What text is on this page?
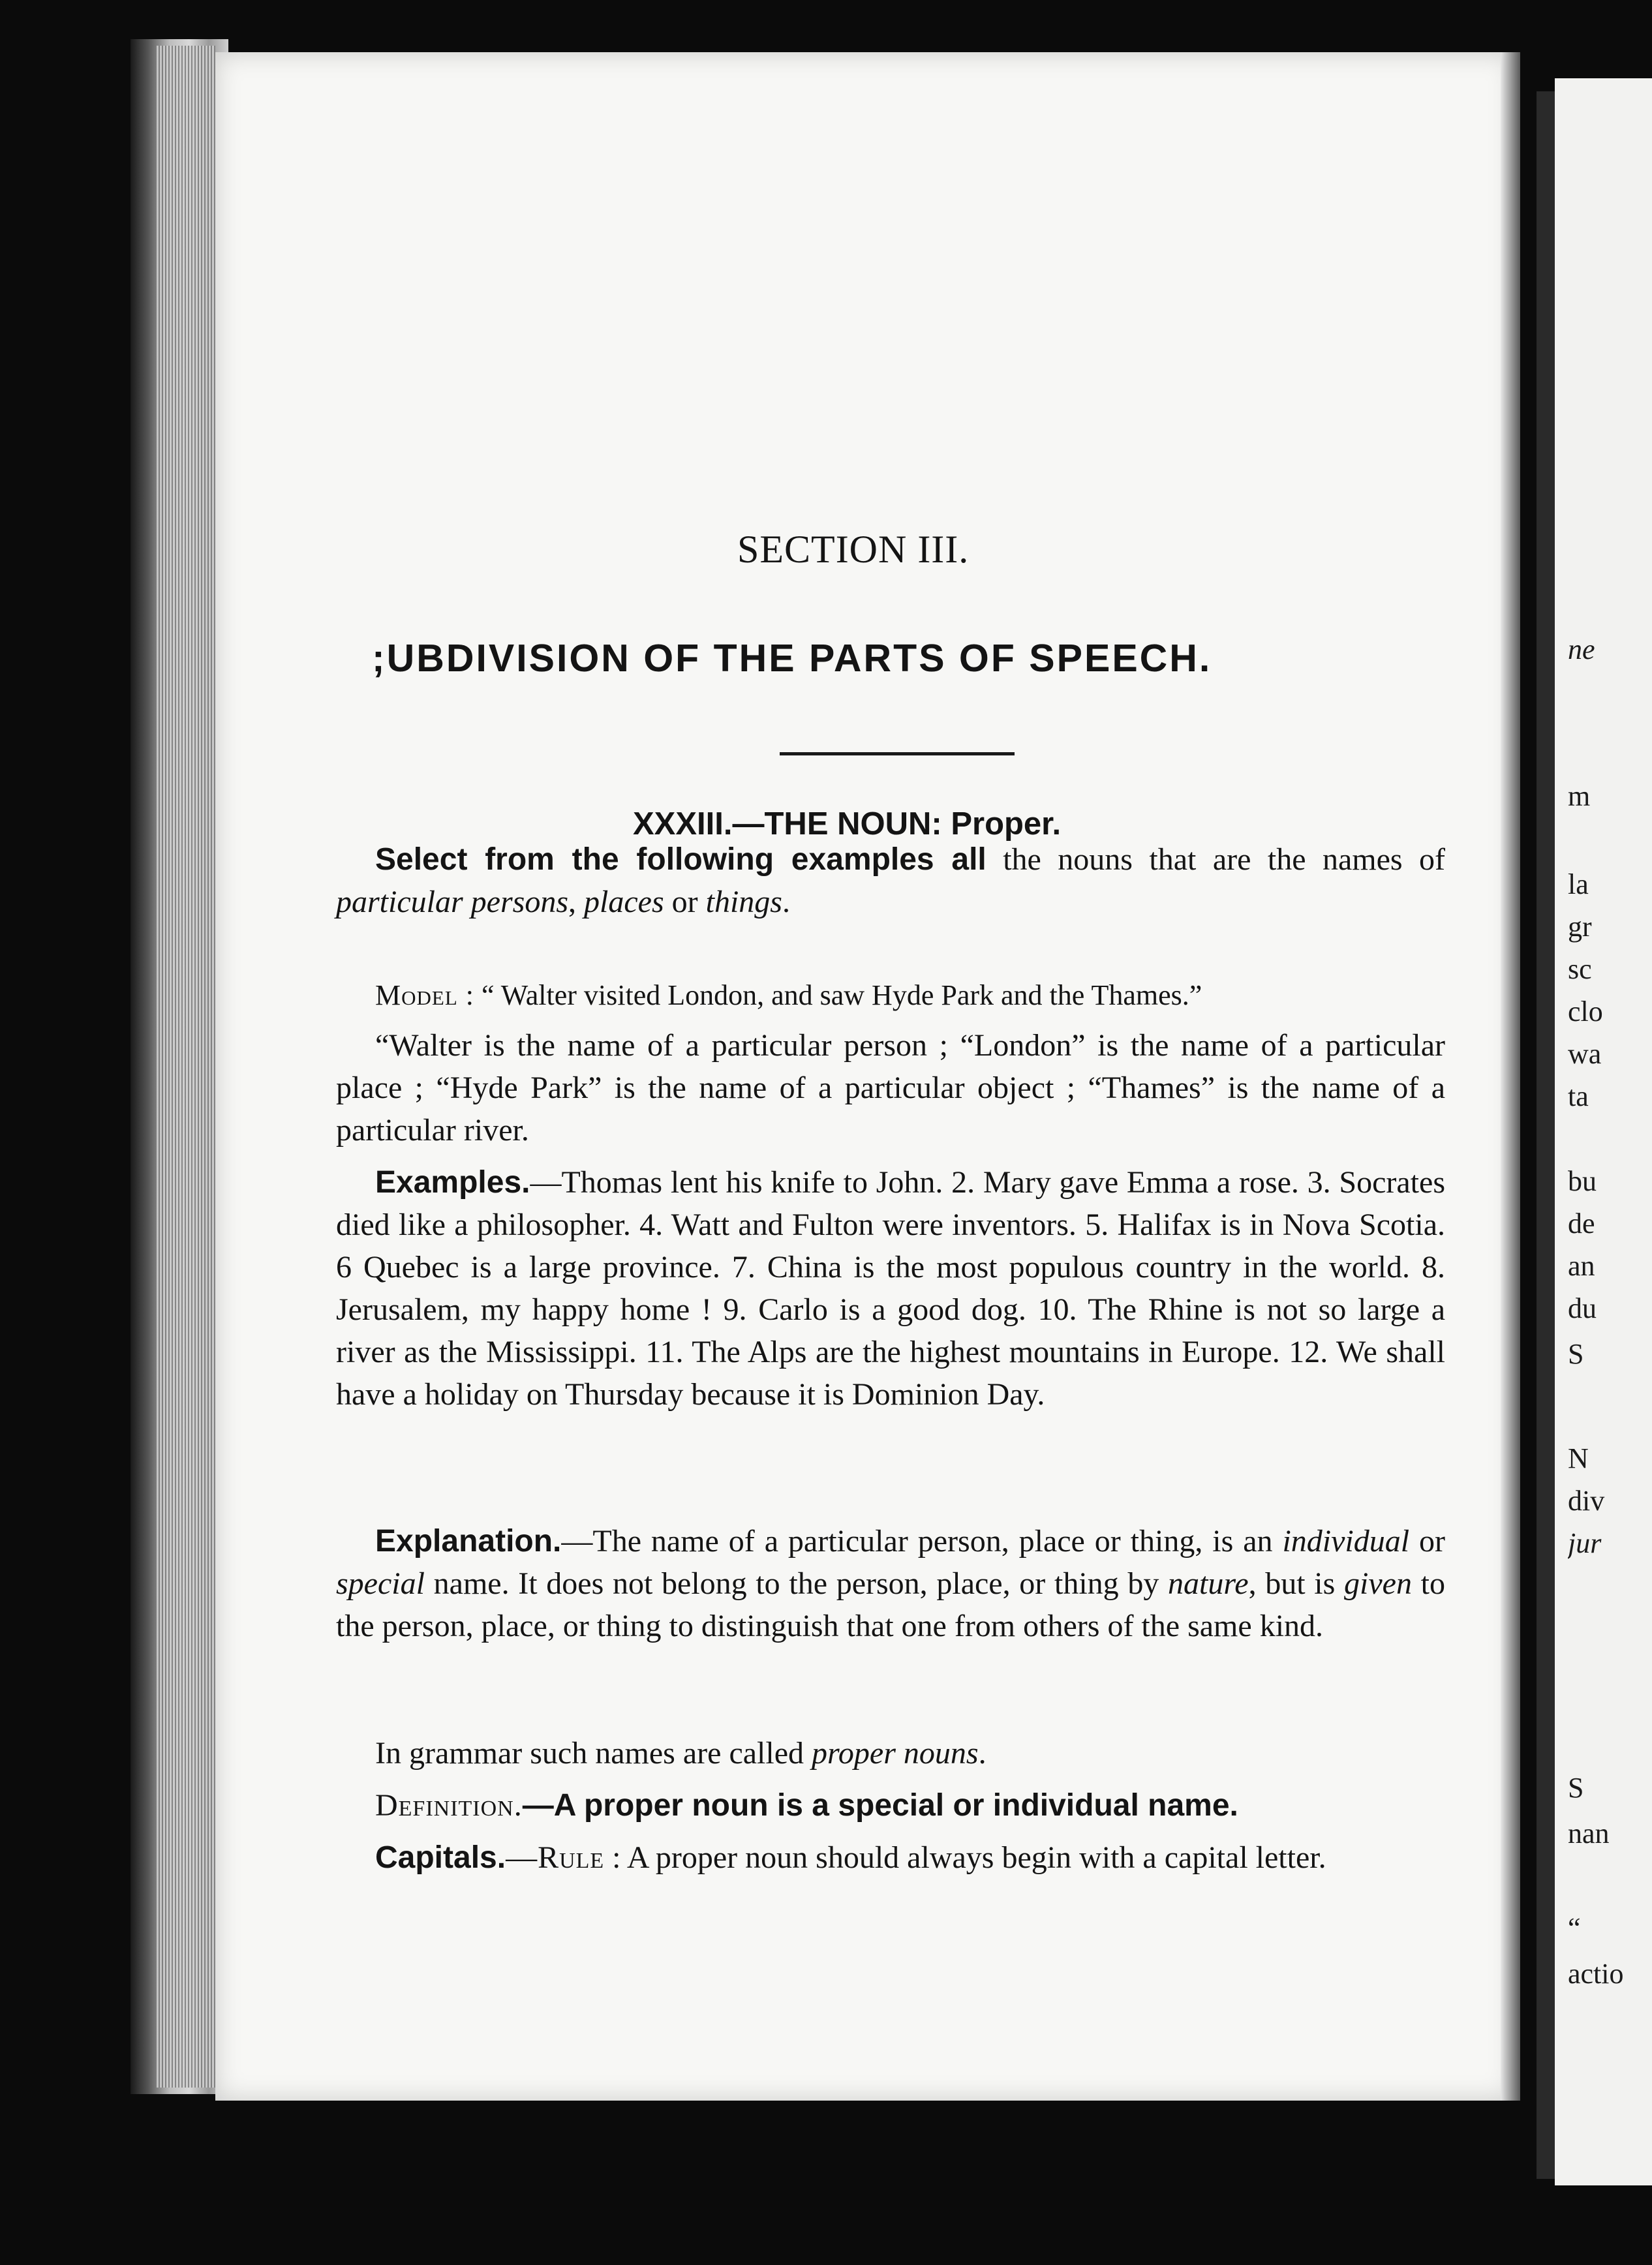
ne
m
la
gr
sc
clo
wa
ta
bu
de
an
du
S
N
div
jur
S
nan
“
actio
SECTION III.
;UBDIVISION OF THE PARTS OF SPEECH.
XXXIII.—THE NOUN: Proper.

Select from the following examples all the nouns that are the names of particular persons, places or things.

Model : “ Walter visited London, and saw Hyde Park and the Thames.”

“Walter is the name of a particular person ; “London” is the name of a particular place ; “Hyde Park” is the name of a particular object ; “Thames” is the name of a particular river.

Examples.—Thomas lent his knife to John. 2. Mary gave Emma a rose. 3. Socrates died like a philosopher. 4. Watt and Fulton were inventors. 5. Halifax is in Nova Scotia. 6 Quebec is a large province. 7. China is the most populous country in the world. 8. Jerusalem, my happy home ! 9. Carlo is a good dog. 10. The Rhine is not so large a river as the Mississippi. 11. The Alps are the highest mountains in Europe. 12. We shall have a holiday on Thursday because it is Dominion Day.

Explanation.—The name of a particular person, place or thing, is an individual or special name. It does not belong to the person, place, or thing by nature, but is given to the person, place, or thing to distinguish that one from others of the same kind.

In grammar such names are called proper nouns.

Definition.—A proper noun is a special or individual name.

Capitals.—Rule : A proper noun should always begin with a capital letter.
